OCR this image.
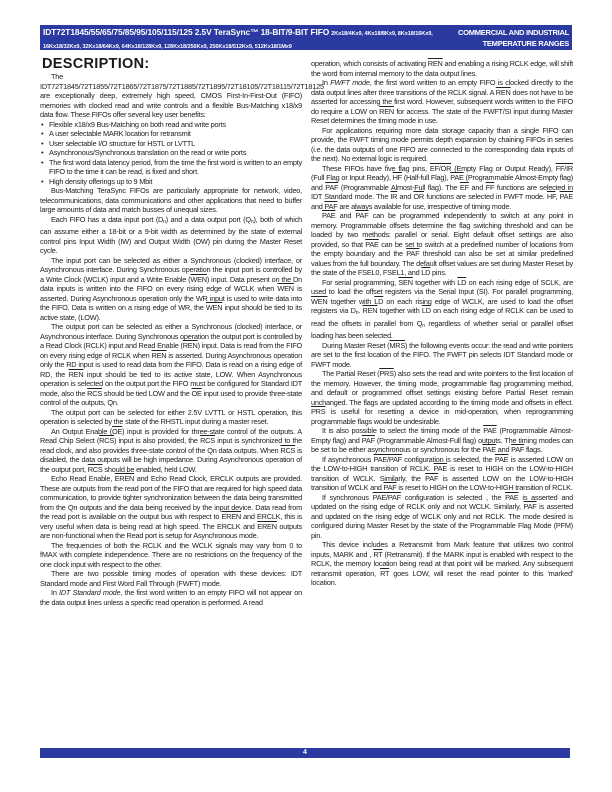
IDT72T1845/55/65/75/85/95/105/115/125 2.5V TeraSync™ 18-BIT/9-BIT FIFO 2Kx18/4Kx9, 4Kx18/8Kx9, 8Kx18/16Kx9, 16Kx18/32Kx9, 32Kx18/64Kx9, 64Kx18/128Kx9, 128Kx18/256Kx9, 256Kx18/512Kx9, 512Kx18/1Mx9
COMMERCIAL AND INDUSTRIAL
TEMPERATURE RANGES
DESCRIPTION:

The IDT72T1845/72T1855/72T1865/72T1875/72T1885/72T1895/72T18105/72T18115/72T18125 are exceptionally deep, extremely high speed, CMOS First-In-First-Out (FIFO) memories with clocked read and write controls and a flexible Bus-Matching x18/x9 data flow. These FIFOs offer several key user benefits:

• Flexible x18/x9 Bus-Matching on both read and write ports
• A user selectable MARK location for retransmit
• User selectable I/O structure for HSTL or LVTTL
• Asynchronous/Synchronous translation on the read or write ports
• The first word data latency period, from the time the first word is written to an empty FIFO to the time it can be read, is fixed and short.
• High density offerings up to 9 Mbit

Bus-Matching TeraSync FIFOs are particularly appropriate for network, video, telecommunications, data communications and other applications that need to buffer large amounts of data and match busses of unequal sizes.

Each FIFO has a data input port $(D_n)$ and a data output port $(Q_n)$, both of which can assume either a 18-bit or a 9-bit width as determined by the state of external control pins Input Width (IW) and Output Width (OW) pin during the Master Reset cycle.

The input port can be selected as either a Synchronous (clocked) interface, or Asynchronous interface. During Synchronous operation the input port is controlled by a Write Clock (WCLK) input and a Write Enable $(\overline{WEN})$ input. Data present on the Dn data inputs is written into the FIFO on every rising edge of WCLK when $\overline{WEN}$ is asserted. During Asynchronous operation only the WR input is used to write data into the FIFO. Data is written on a rising edge of WR, the $\overline{WEN}$ input should be tied to its active state, (LOW).

The output port can be selected as either a Synchronous (clocked) interface, or Asynchronous interface. During Synchronous operation the output port is controlled by a Read Clock (RCLK) input and Read Enable $(\overline{REN})$ input. Data is read from the FIFO on every rising edge of RCLK when $\overline{REN}$ is asserted. During Asynchronous operation only the RD input is used to read data from the FIFO. Data is read on a rising edge of RD, the $\overline{REN}$ input should be tied to its active state, LOW. When Asynchronous operation is selected on the output port the FIFO must be configured for Standard IDT mode, also the $\overline{RCS}$ should be tied LOW and the $\overline{OE}$ input used to provide three-state control of the outputs, Qn.

The output port can be selected for either 2.5V LVTTL or HSTL operation, this operation is selected by the state of the RHSTL input during a master reset.

An Output Enable $(\overline{OE})$ input is provided for three-state control of the outputs. A Read Chip Select $(\overline{RCS})$ input is also provided, the $\overline{RCS}$ input is synchronized to the read clock, and also provides three-state control of the Qn data outputs. When $\overline{RCS}$ is disabled, the data outputs will be high impedance. During Asynchronous operation of the output port, $\overline{RCS}$ should be enabled, held LOW.

Echo Read Enable, EREN and Echo Read Clock, ERCLK outputs are provided. These are outputs from the read port of the FIFO that are required for high speed data communication, to provide tighter synchronization between the data being transmitted from the Qn outputs and the data being received by the input device. Data read from the read port is available on the output bus with respect to EREN and ERCLK, this is very useful when data is being read at high speed. The ERCLK and EREN outputs are non-functional when the Read port is setup for Asynchronous mode.

The frequencies of both the RCLK and the WCLK signals may vary from 0 to fMAX with complete independence. There are no restrictions on the frequency of the one clock input with respect to the other.

There are two possible timing modes of operation with these devices: IDT Standard mode and First Word Fall Through (FWFT) mode.

In IDT Standard mode, the first word written to an empty FIFO will not appear on the data output lines unless a specific read operation is performed. A read

operation, which consists of activating $\overline{REN}$ and enabling a rising RCLK edge, will shift the word from internal memory to the data output lines.

In FWFT mode, the first word written to an empty FIFO is clocked directly to the data output lines after three transitions of the RCLK signal. A $\overline{REN}$ does not have to be asserted for accessing the first word. However, subsequent words written to the FIFO do require a LOW on $\overline{REN}$ for access. The state of the FWFT/SI input during Master Reset determines the timing mode in use.

For applications requiring more data storage capacity than a single FIFO can provide, the FWFT timing mode permits depth expansion by chaining FIFOs in series (i.e. the data outputs of one FIFO are connected to the corresponding data inputs of the next). No external logic is required.

These FIFOs have five flag pins, EF/OR (Empty Flag or Output Ready), FF/IR (Full Flag or Input Ready), $\overline{HF}$ (Half-full Flag), $\overline{PAE}$ (Programmable Almost-Empty flag) and $\overline{PAF}$ (Programmable Almost-Full flag). The $\overline{EF}$ and $\overline{FF}$ functions are selected in IDT Standard mode. The $\overline{IR}$ and $\overline{OR}$ functions are selected in FWFT mode. $\overline{HF}$, $\overline{PAE}$ and $\overline{PAF}$ are always available for use, irrespective of timing mode.

$\overline{PAE}$ and $\overline{PAF}$ can be programmed independently to switch at any point in memory. Programmable offsets determine the flag switching threshold and can be loaded by two methods: parallel or serial. Eight default offset settings are also provided, so that $\overline{PAE}$ can be set to switch at a predefined number of locations from the empty boundary and the $\overline{PAF}$ threshold can also be set at similar predefined values from the full boundary. The default offset values are set during Master Reset by the state of the FSEL0, FSEL1, and $\overline{LD}$ pins.

For serial programming, $\overline{SEN}$ together with $\overline{LD}$ on each rising edge of SCLK, are used to load the offset registers via the Serial Input (SI). For parallel programming, $\overline{WEN}$ together with $\overline{LD}$ on each rising edge of WCLK, are used to load the offset registers via $D_n$. $\overline{REN}$ together with $\overline{LD}$ on each rising edge of RCLK can be used to read the offsets in parallel from $Q_n$ regardless of whether serial or parallel offset loading has been selected.

During Master Reset $(\overline{MRS})$ the following events occur: the read and write pointers are set to the first location of the FIFO. The FWFT pin selects IDT Standard mode or FWFT mode.

The Partial Reset $(\overline{PRS})$ also sets the read and write pointers to the first location of the memory. However, the timing mode, programmable flag programming method, and default or programmed offset settings existing before Partial Reset remain unchanged. The flags are updated according to the timing mode and offsets in effect. $\overline{PRS}$ is useful for resetting a device in mid-operation, when reprogramming programmable flags would be undesirable.

It is also possible to select the timing mode of the $\overline{PAE}$ (Programmable Almost-Empty flag) and $\overline{PAF}$ (Programmable Almost-Full flag) outputs. The timing modes can be set to be either asynchronous or synchronous for the $\overline{PAE}$ and $\overline{PAF}$ flags.

If asynchronous PAE/PAF configuration is selected, the $\overline{PAE}$ is asserted LOW on the LOW-to-HIGH transition of RCLK. $\overline{PAE}$ is reset to HIGH on the LOW-to-HIGH transition of WCLK. Similarly, the $\overline{PAF}$ is asserted LOW on the LOW-to-HIGH transition of WCLK and $\overline{PAF}$ is reset to HIGH on the LOW-to-HIGH transition of RCLK.

If synchronous PAE/PAF configuration is selected , the $\overline{PAE}$ is asserted and updated on the rising edge of RCLK only and not WCLK. Similarly, $\overline{PAF}$ is asserted and updated on the rising edge of WCLK only and not RCLK. The mode desired is configured during Master Reset by the state of the Programmable Flag Mode (PFM) pin.

This device includes a Retransmit from Mark feature that utilizes two control inputs, MARK and , $\overline{RT}$ (Retransmit). If the MARK input is enabled with respect to the RCLK, the memory location being read at that point will be marked. Any subsequent retransmit operation, $\overline{RT}$ goes LOW, will reset the read pointer to this 'marked' location.

4
